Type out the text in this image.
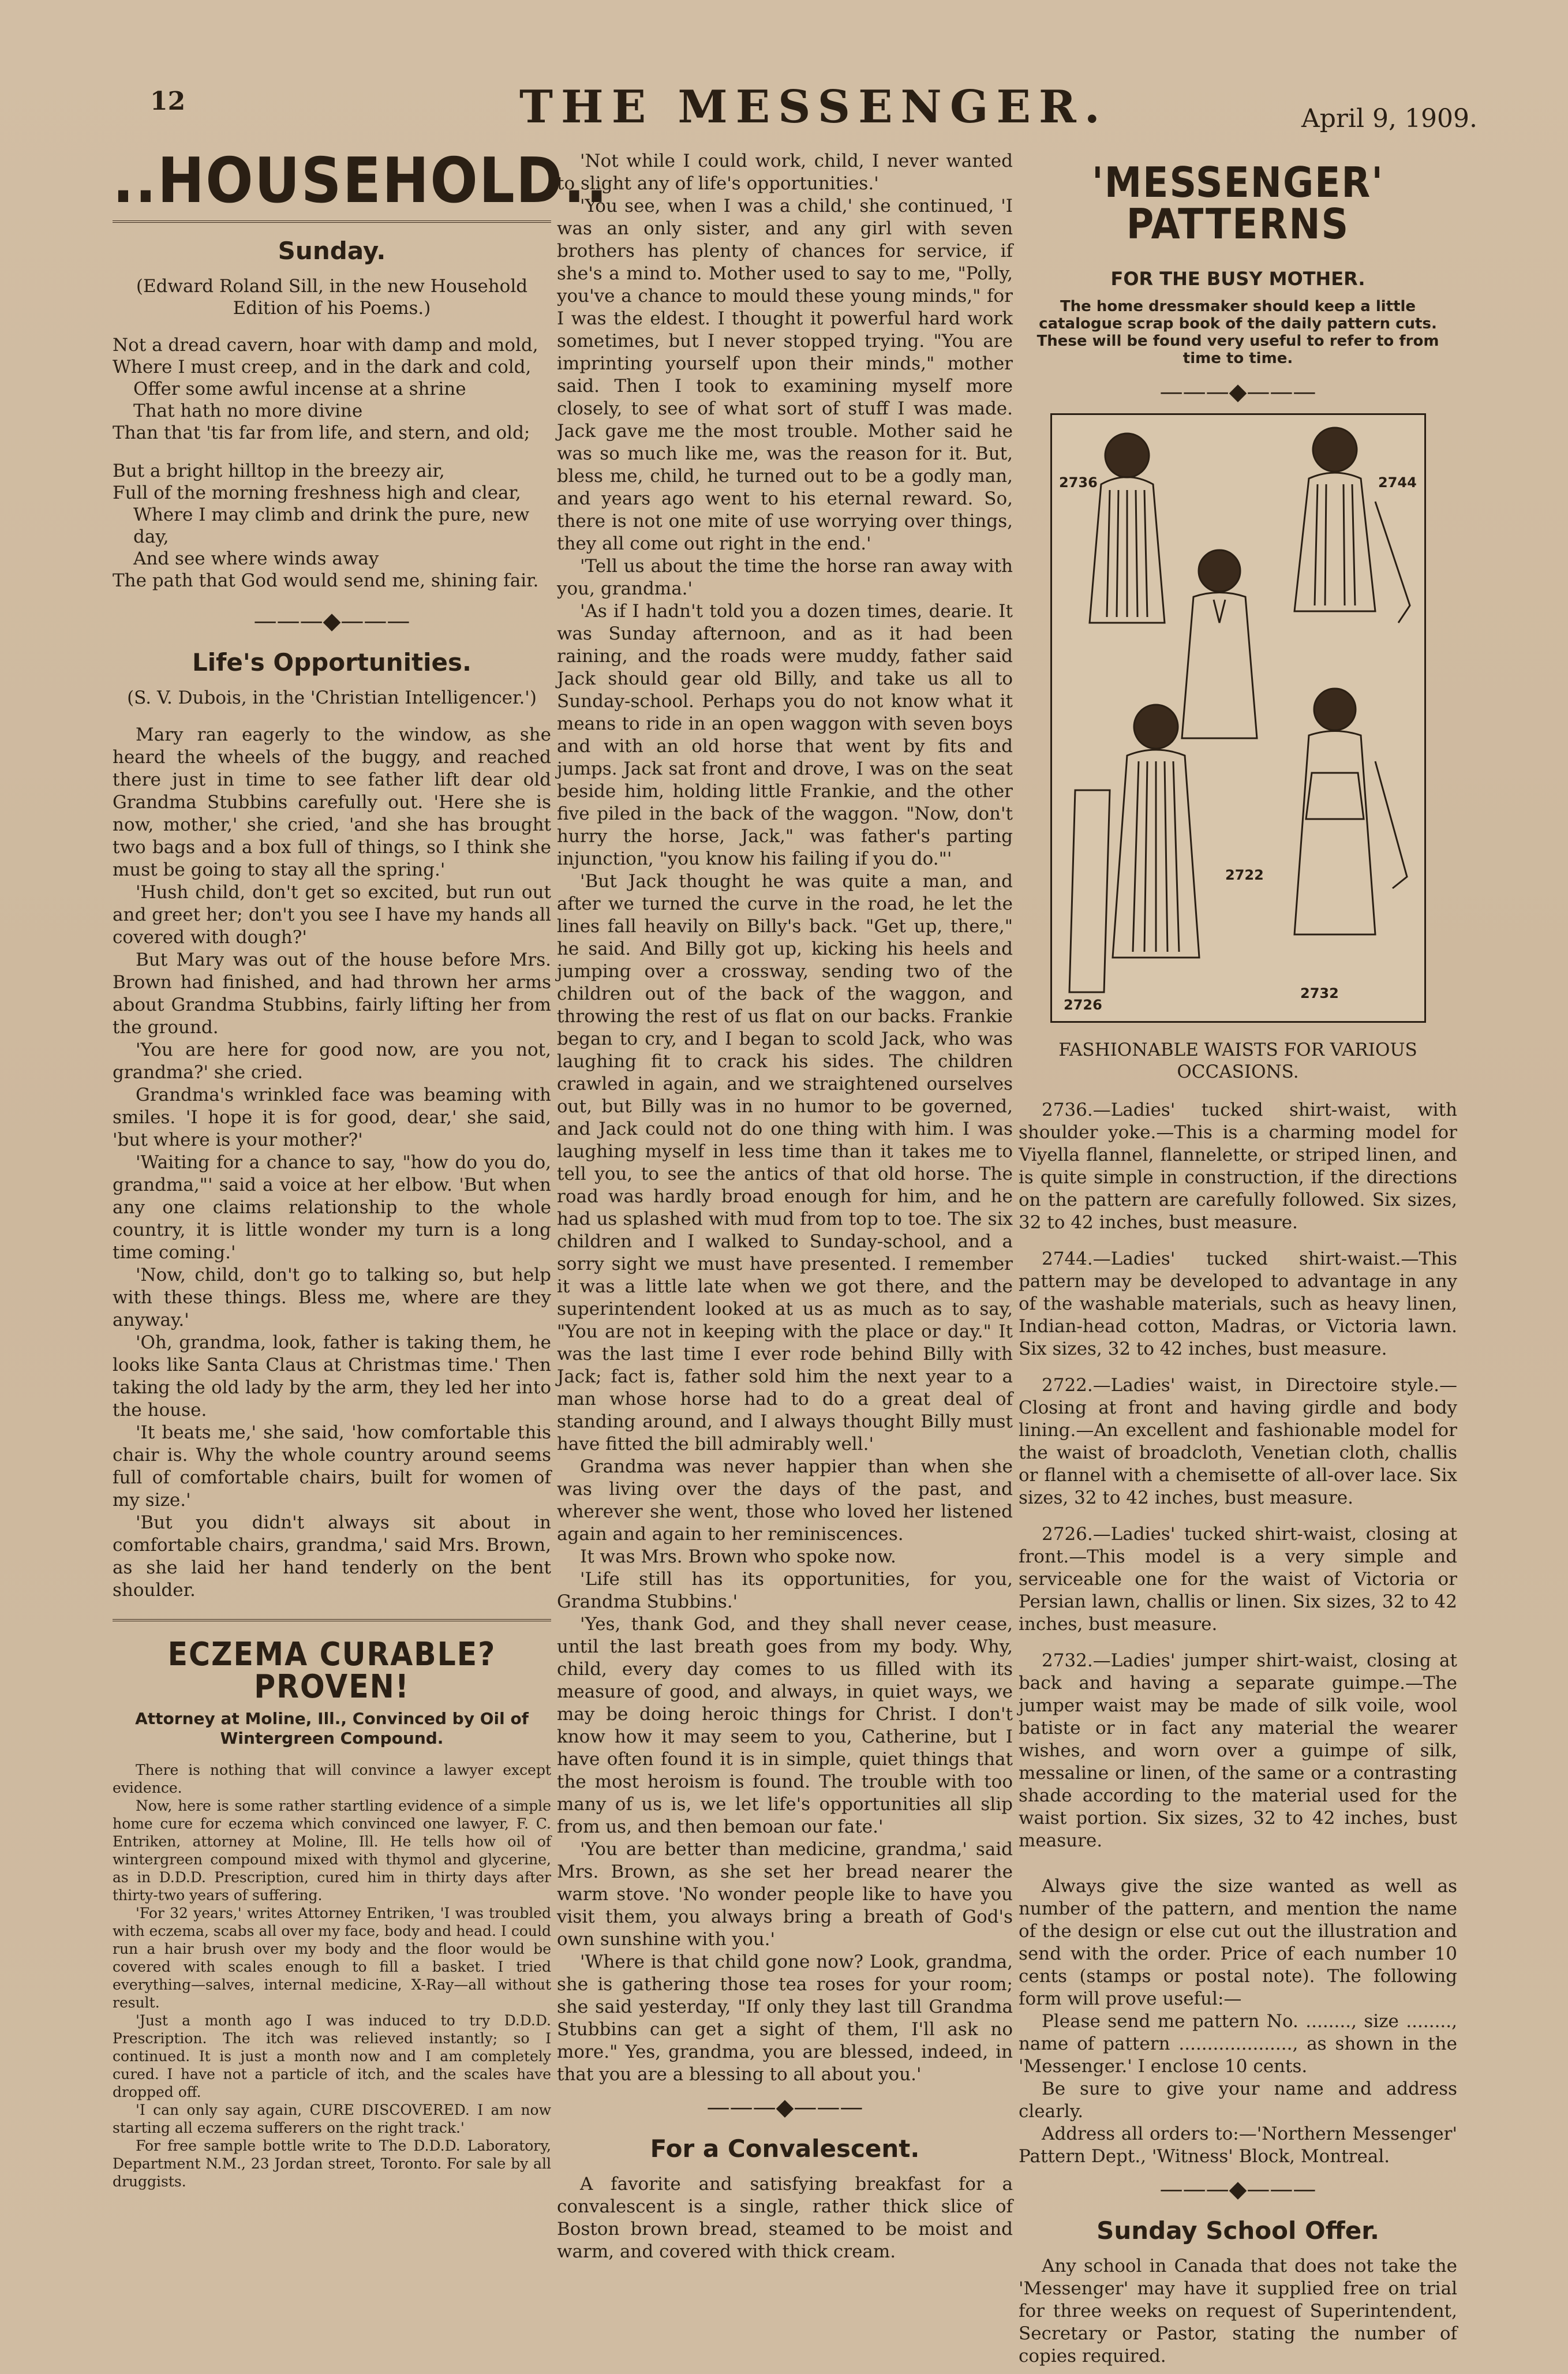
12	THE MESSENGER.	April 9, 1909.
..HOUSEHOLD..
Sunday.
(Edward Roland Sill, in the new Household Edition of his Poems.)
Not a dread cavern, hoar with damp and mold,
Where I must creep, and in the dark and cold,
Offer some awful incense at a shrine
That hath no more divine
Than that 'tis far from life, and stern, and old;
But a bright hilltop in the breezy air,
Full of the morning freshness high and clear,
Where I may climb and drink the pure, new day,
And see where winds away
The path that God would send me, shining fair.
———◆———
Life's Opportunities.
(S. V. Dubois, in the 'Christian Intelligencer.')

Mary ran eagerly to the window, as she heard the wheels of the buggy, and reached there just in time to see father lift dear old Grandma Stubbins carefully out. 'Here she is now, mother,' she cried, 'and she has brought two bags and a box full of things, so I think she must be going to stay all the spring.'

'Hush child, don't get so excited, but run out and greet her; don't you see I have my hands all covered with dough?'

But Mary was out of the house before Mrs. Brown had finished, and had thrown her arms about Grandma Stubbins, fairly lifting her from the ground.

'You are here for good now, are you not, grandma?' she cried.

Grandma's wrinkled face was beaming with smiles. 'I hope it is for good, dear,' she said, 'but where is your mother?'

'Waiting for a chance to say, "how do you do, grandma,"' said a voice at her elbow. 'But when any one claims relationship to the whole country, it is little wonder my turn is a long time coming.'

'Now, child, don't go to talking so, but help with these things. Bless me, where are they anyway.'

'Oh, grandma, look, father is taking them, he looks like Santa Claus at Christmas time.' Then taking the old lady by the arm, they led her into the house.

'It beats me,' she said, 'how comfortable this chair is. Why the whole country around seems full of comfortable chairs, built for women of my size.'

'But you didn't always sit about in comfortable chairs, grandma,' said Mrs. Brown, as she laid her hand tenderly on the bent shoulder.

ECZEMA CURABLE? PROVEN!
Attorney at Moline, Ill., Convinced by Oil of Wintergreen Compound.

There is nothing that will convince a lawyer except evidence.

Now, here is some rather startling evidence of a simple home cure for eczema which convinced one lawyer, F. C. Entriken, attorney at Moline, Ill. He tells how oil of wintergreen compound mixed with thymol and glycerine, as in D.D.D. Prescription, cured him in thirty days after thirty-two years of suffering.

'For 32 years,' writes Attorney Entriken, 'I was troubled with eczema, scabs all over my face, body and head. I could run a hair brush over my body and the floor would be covered with scales enough to fill a basket. I tried everything—salves, internal medicine, X-Ray—all without result.

'Just a month ago I was induced to try D.D.D. Prescription. The itch was relieved instantly; so I continued. It is just a month now and I am completely cured. I have not a particle of itch, and the scales have dropped off.

'I can only say again, CURE DISCOVERED. I am now starting all eczema sufferers on the right track.'

For free sample bottle write to The D.D.D. Laboratory, Department N.M., 23 Jordan street, Toronto. For sale by all druggists.

'Not while I could work, child, I never wanted to slight any of life's opportunities.'

'You see, when I was a child,' she continued, 'I was an only sister, and any girl with seven brothers has plenty of chances for service, if she's a mind to. Mother used to say to me, "Polly, you've a chance to mould these young minds," for I was the eldest. I thought it powerful hard work sometimes, but I never stopped trying. "You are imprinting yourself upon their minds," mother said. Then I took to examining myself more closely, to see of what sort of stuff I was made. Jack gave me the most trouble. Mother said he was so much like me, was the reason for it. But, bless me, child, he turned out to be a godly man, and years ago went to his eternal reward. So, there is not one mite of use worrying over things, they all come out right in the end.'

'Tell us about the time the horse ran away with you, grandma.'

'As if I hadn't told you a dozen times, dearie. It was Sunday afternoon, and as it had been raining, and the roads were muddy, father said Jack should gear old Billy, and take us all to Sunday-school. Perhaps you do not know what it means to ride in an open waggon with seven boys and with an old horse that went by fits and jumps. Jack sat front and drove, I was on the seat beside him, holding little Frankie, and the other five piled in the back of the waggon. "Now, don't hurry the horse, Jack," was father's parting injunction, "you know his failing if you do."'

'But Jack thought he was quite a man, and after we turned the curve in the road, he let the lines fall heavily on Billy's back. "Get up, there," he said. And Billy got up, kicking his heels and jumping over a crossway, sending two of the children out of the back of the waggon, and throwing the rest of us flat on our backs. Frankie began to cry, and I began to scold Jack, who was laughing fit to crack his sides. The children crawled in again, and we straightened ourselves out, but Billy was in no humor to be governed, and Jack could not do one thing with him. I was laughing myself in less time than it takes me to tell you, to see the antics of that old horse. The road was hardly broad enough for him, and he had us splashed with mud from top to toe. The six children and I walked to Sunday-school, and a sorry sight we must have presented. I remember it was a little late when we got there, and the superintendent looked at us as much as to say, "You are not in keeping with the place or day." It was the last time I ever rode behind Billy with Jack; fact is, father sold him the next year to a man whose horse had to do a great deal of standing around, and I always thought Billy must have fitted the bill admirably well.'

Grandma was never happier than when she was living over the days of the past, and wherever she went, those who loved her listened again and again to her reminiscences.

It was Mrs. Brown who spoke now.

'Life still has its opportunities, for you, Grandma Stubbins.'

'Yes, thank God, and they shall never cease, until the last breath goes from my body. Why, child, every day comes to us filled with its measure of good, and always, in quiet ways, we may be doing heroic things for Christ. I don't know how it may seem to you, Catherine, but I have often found it is in simple, quiet things that the most heroism is found. The trouble with too many of us is, we let life's opportunities all slip from us, and then bemoan our fate.'

'You are better than medicine, grandma,' said Mrs. Brown, as she set her bread nearer the warm stove. 'No wonder people like to have you visit them, you always bring a breath of God's own sunshine with you.'

'Where is that child gone now? Look, grandma, she is gathering those tea roses for your room; she said yesterday, "If only they last till Grandma Stubbins can get a sight of them, I'll ask no more." Yes, grandma, you are blessed, indeed, in that you are a blessing to all about you.'

———◆———
For a Convalescent.

A favorite and satisfying breakfast for a convalescent is a single, rather thick slice of Boston brown bread, steamed to be moist and warm, and covered with thick cream.

'MESSENGER' PATTERNS
FOR THE BUSY MOTHER.
The home dressmaker should keep a little catalogue scrap book of the daily pattern cuts. These will be found very useful to refer to from time to time.
———◆———
2736	2744
2722
2726
2732
FASHIONABLE WAISTS FOR VARIOUS OCCASIONS.

2736.—Ladies' tucked shirt-waist, with shoulder yoke.—This is a charming model for Viyella flannel, flannelette, or striped linen, and is quite simple in construction, if the directions on the pattern are carefully followed. Six sizes, 32 to 42 inches, bust measure.

2744.—Ladies' tucked shirt-waist.—This pattern may be developed to advantage in any of the washable materials, such as heavy linen, Indian-head cotton, Madras, or Victoria lawn. Six sizes, 32 to 42 inches, bust measure.

2722.—Ladies' waist, in Directoire style.—Closing at front and having girdle and body lining.—An excellent and fashionable model for the waist of broadcloth, Venetian cloth, challis or flannel with a chemisette of all-over lace. Six sizes, 32 to 42 inches, bust measure.

2726.—Ladies' tucked shirt-waist, closing at front.—This model is a very simple and serviceable one for the waist of Victoria or Persian lawn, challis or linen. Six sizes, 32 to 42 inches, bust measure.

2732.—Ladies' jumper shirt-waist, closing at back and having a separate guimpe.—The jumper waist may be made of silk voile, wool batiste or in fact any material the wearer wishes, and worn over a guimpe of silk, messaline or linen, of the same or a contrasting shade according to the material used for the waist portion. Six sizes, 32 to 42 inches, bust measure.

Always give the size wanted as well as number of the pattern, and mention the name of the design or else cut out the illustration and send with the order. Price of each number 10 cents (stamps or postal note). The following form will prove useful:—

Please send me pattern No. ........, size ........, name of pattern ...................., as shown in the 'Messenger.' I enclose 10 cents.

Be sure to give your name and address clearly.

Address all orders to:—'Northern Messenger' Pattern Dept., 'Witness' Block, Montreal.

———◆———
Sunday School Offer.

Any school in Canada that does not take the 'Messenger' may have it supplied free on trial for three weeks on request of Superintendent, Secretary or Pastor, stating the number of copies required.
